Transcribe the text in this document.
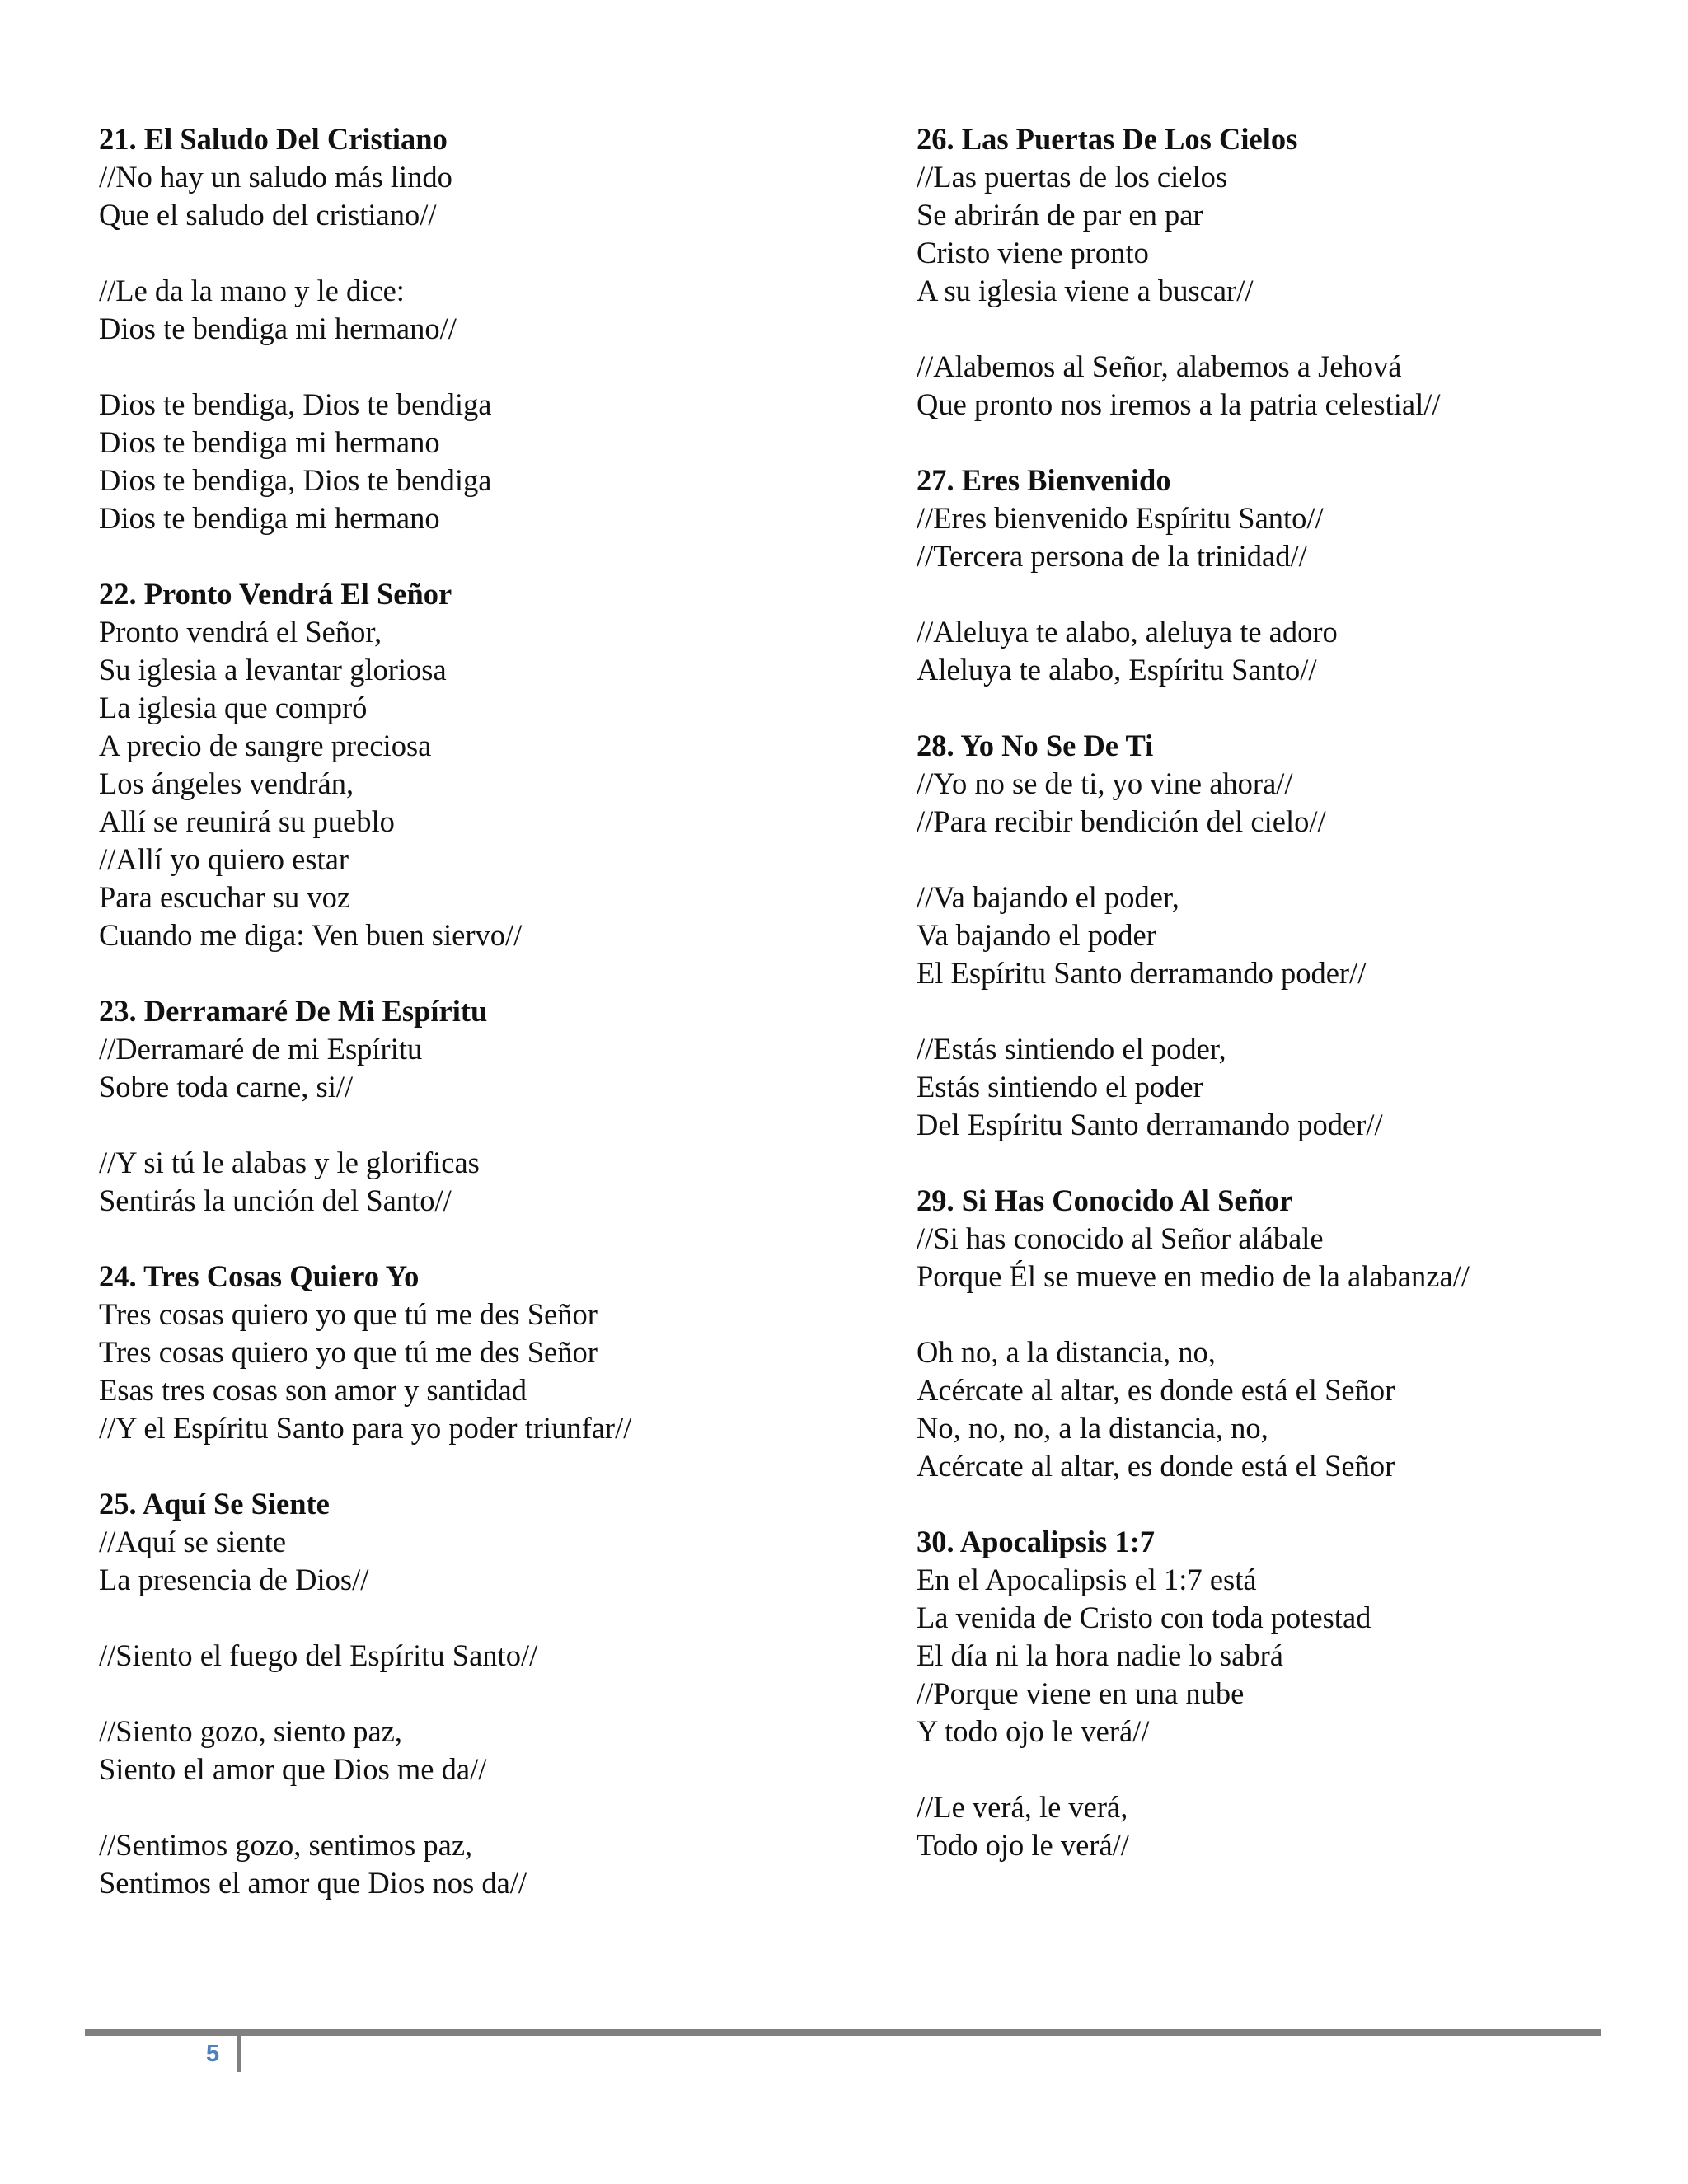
21. El Saludo Del Cristiano
//No hay un saludo más lindo
Que el saludo del cristiano//
//Le da la mano y le dice:
Dios te bendiga mi hermano//
Dios te bendiga, Dios te bendiga
Dios te bendiga mi hermano
Dios te bendiga, Dios te bendiga
Dios te bendiga mi hermano
22. Pronto Vendrá El Señor
Pronto vendrá el Señor,
Su iglesia a levantar gloriosa
La iglesia que compró
A precio de sangre preciosa
Los ángeles vendrán,
Allí se reunirá su pueblo
//Allí yo quiero estar
Para escuchar su voz
Cuando me diga: Ven buen siervo//
23. Derramaré De Mi Espíritu
//Derramaré de mi Espíritu
Sobre toda carne, si//
//Y si tú le alabas y le glorificas
Sentirás la unción del Santo//
24. Tres Cosas Quiero Yo
Tres cosas quiero yo que tú me des Señor
Tres cosas quiero yo que tú me des Señor
Esas tres cosas son amor y santidad
//Y el Espíritu Santo para yo poder triunfar//
25. Aquí Se Siente
//Aquí se siente
La presencia de Dios//
//Siento el fuego del Espíritu Santo//
//Siento gozo, siento paz,
Siento el amor que Dios me da//
//Sentimos gozo, sentimos paz,
Sentimos el amor que Dios nos da//
26. Las Puertas De Los Cielos
//Las puertas de los cielos
Se abrirán de par en par
Cristo viene pronto
A su iglesia viene a buscar//
//Alabemos al Señor, alabemos a Jehová
Que pronto nos iremos a la patria celestial//
27. Eres Bienvenido
//Eres bienvenido Espíritu Santo//
//Tercera persona de la trinidad//
//Aleluya te alabo, aleluya te adoro
Aleluya te alabo, Espíritu Santo//
28. Yo No Se De Ti
//Yo no se de ti, yo vine ahora//
//Para recibir bendición del cielo//
//Va bajando el poder,
Va bajando el poder
El Espíritu Santo derramando poder//
//Estás sintiendo el poder,
Estás sintiendo el poder
Del Espíritu Santo derramando poder//
29. Si Has Conocido Al Señor
//Si has conocido al Señor alábale
Porque Él se mueve en medio de la alabanza//
Oh no, a la distancia, no,
Acércate al altar, es donde está el Señor
No, no, no, a la distancia, no,
Acércate al altar, es donde está el Señor
30. Apocalipsis 1:7
En el Apocalipsis el 1:7 está
La venida de Cristo con toda potestad
El día ni la hora nadie lo sabrá
//Porque viene en una nube
Y todo ojo le verá//
//Le verá, le verá,
Todo ojo le verá//
5
